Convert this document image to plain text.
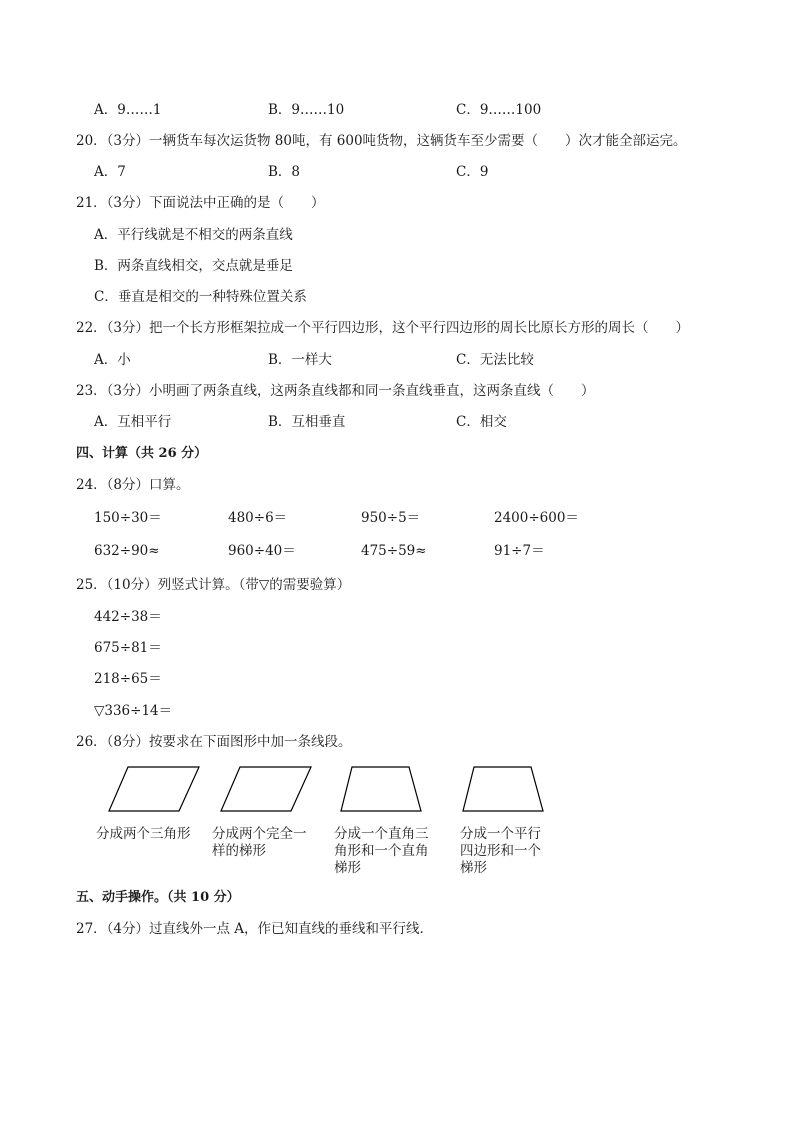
A．9……1	B．9……10	C．9……100
20．（3分）一辆货车每次运货物 80吨，有 600吨货物，这辆货车至少需要（　　）次才能全部运完。
A．7	B．8	C．9
21．（3分）下面说法中正确的是（　　）
A．平行线就是不相交的两条直线
B．两条直线相交，交点就是垂足
C．垂直是相交的一种特殊位置关系
22．（3分）把一个长方形框架拉成一个平行四边形，这个平行四边形的周长比原长方形的周长（　　）
A．小	B．一样大	C．无法比较
23．（3分）小明画了两条直线，这两条直线都和同一条直线垂直，这两条直线（　　）
A．互相平行	B．互相垂直	C．相交
四、计算（共 26 分）
24．（8分）口算。
150÷30＝	480÷6＝	950÷5＝	2400÷600＝
632÷90≈	960÷40＝	475÷59≈	91÷7＝
25．（10分）列竖式计算。（带▽的需要验算）
442÷38＝
675÷81＝
218÷65＝
▽336÷14＝
26．（8分）按要求在下面图形中加一条线段。
分成两个三角形	分成两个完全一
样的梯形
分成一个直角三
角形和一个直角
梯形
分成一个平行
四边形和一个
梯形
五、动手操作。（共 10 分）
27．（4分）过直线外一点 A，作已知直线的垂线和平行线．
